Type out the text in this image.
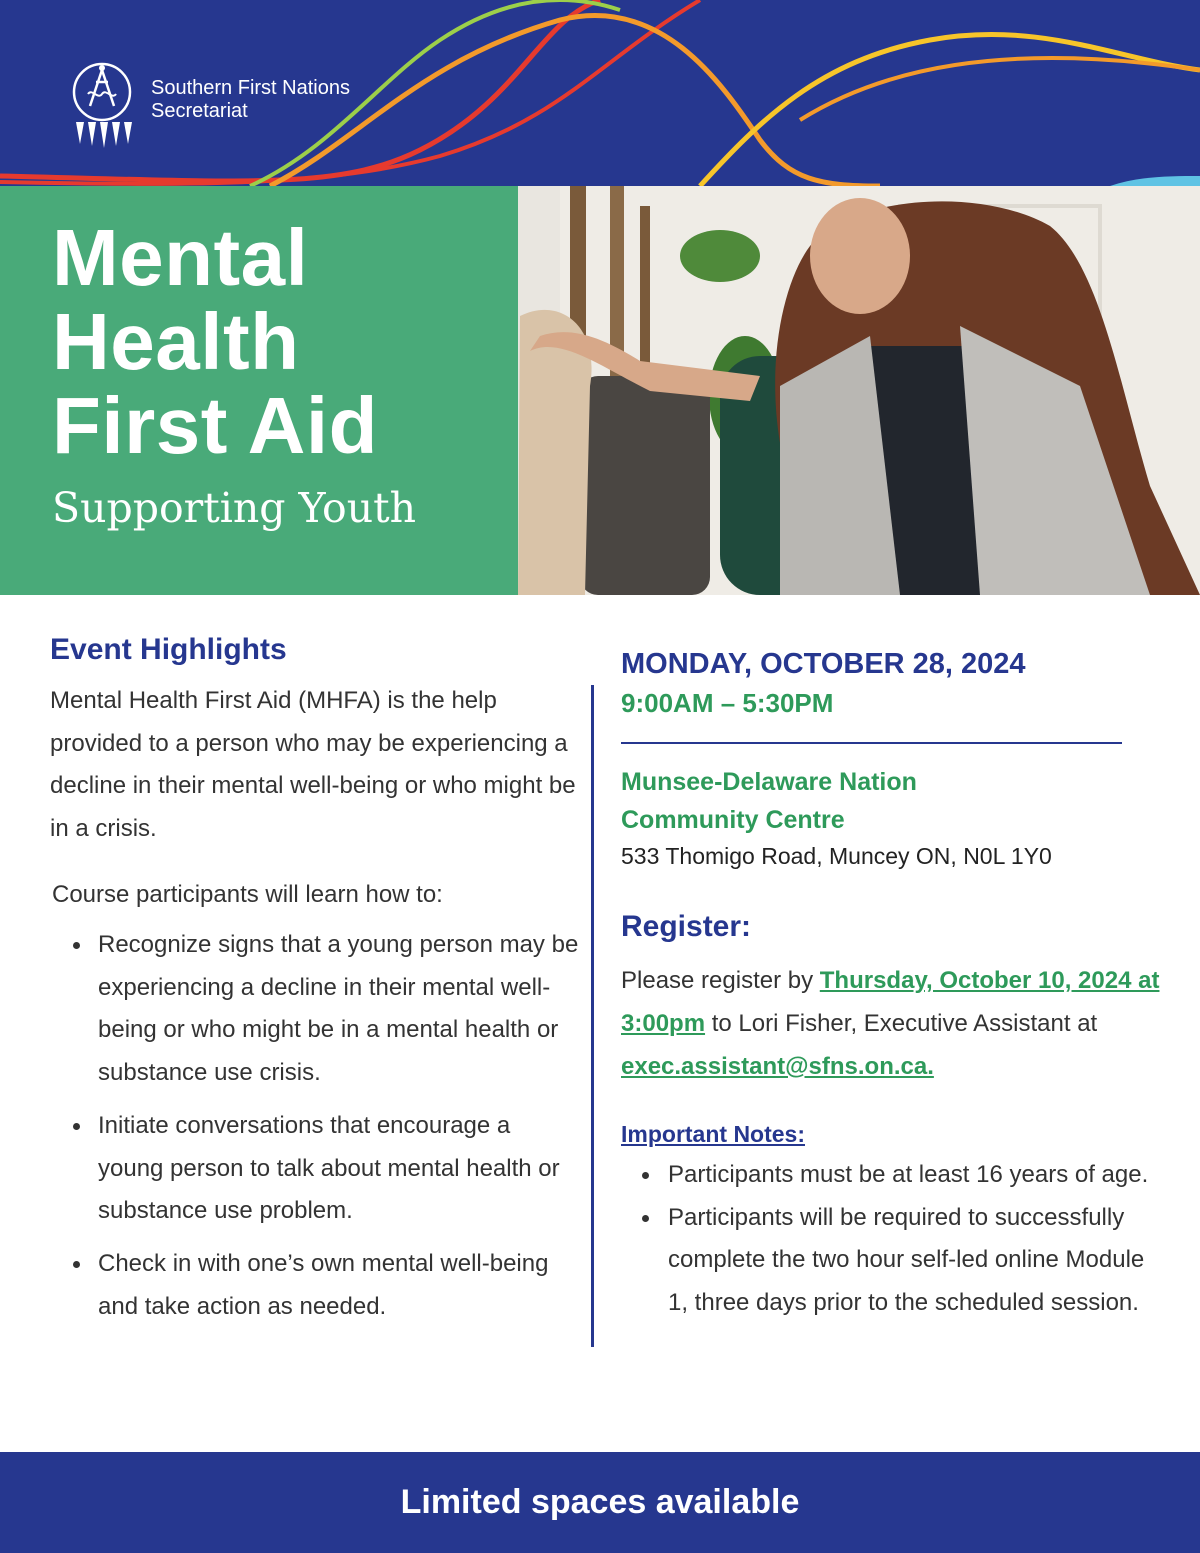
Southern First Nations
Secretariat
Mental
Health
First Aid
Supporting Youth
Event Highlights

Mental Health First Aid (MHFA) is the help provided to a person who may be experiencing a decline in their mental well-being or who might be in a crisis.

Course participants will learn how to:

Recognize signs that a young person may be experiencing a decline in their mental well-being or who might be in a mental health or substance use crisis.
Initiate conversations that encourage a young person to talk about mental health or substance use problem.
Check in with one’s own mental well-being and take action as needed.
MONDAY, OCTOBER 28, 2024
9:00AM – 5:30PM
Munsee-Delaware Nation
Community Centre
533 Thomigo Road, Muncey ON, N0L 1Y0
Register:

Please register by Thursday, October 10, 2024 at 3:00pm to Lori Fisher, Executive Assistant at exec.assistant@sfns.on.ca.

Important Notes:
Participants must be at least 16 years of age.
Participants will be required to successfully complete the two hour self-led online Module 1, three days prior to the scheduled session.
Limited spaces available
